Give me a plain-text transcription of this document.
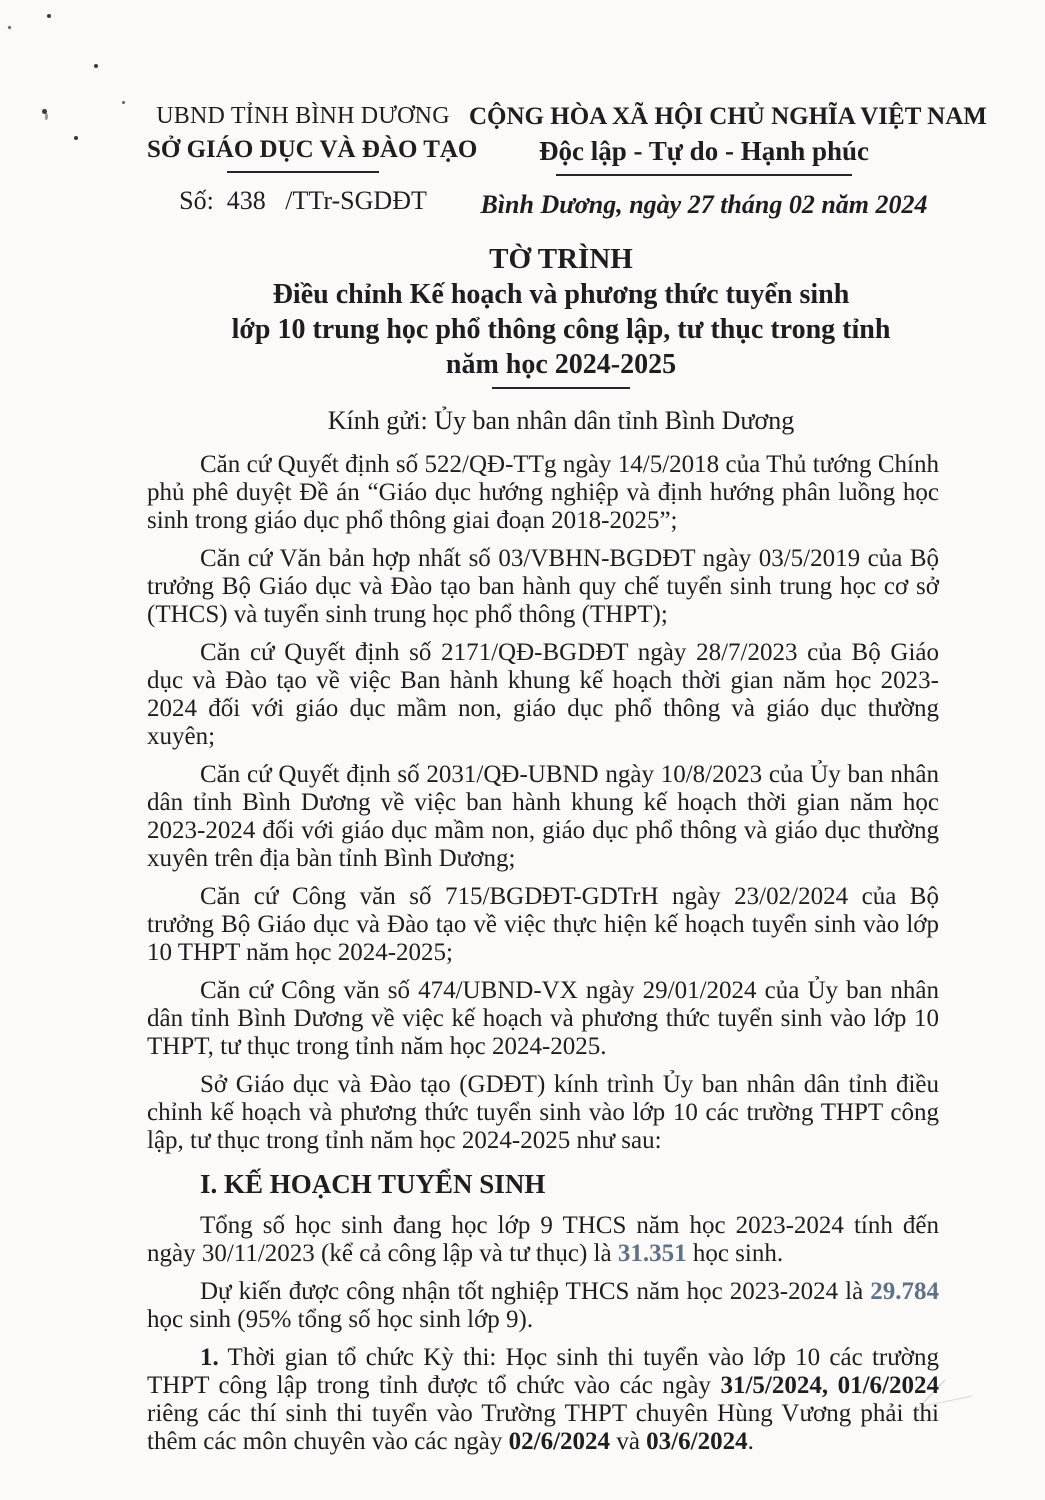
UBND TỈNH BÌNH DƯƠNG
SỞ GIÁO DỤC VÀ ĐÀO TẠO
Số:  438   /TTr-SGDĐT
CỘNG HÒA XÃ HỘI CHỦ NGHĨA VIỆT NAM
Độc lập - Tự do - Hạnh phúc
Bình Dương, ngày 27 tháng 02 năm 2024
TỜ TRÌNH
Điều chỉnh Kế hoạch và phương thức tuyển sinh
lớp 10 trung học phổ thông công lập, tư thục trong tỉnh
năm học 2024-2025
Kính gửi: Ủy ban nhân dân tỉnh Bình Dương

Căn cứ Quyết định số 522/QĐ-TTg ngày 14/5/2018 của Thủ tướng Chính phủ phê duyệt Đề án “Giáo dục hướng nghiệp và định hướng phân luồng học sinh trong giáo dục phổ thông giai đoạn 2018-2025”;

Căn cứ Văn bản hợp nhất số 03/VBHN-BGDĐT ngày 03/5/2019 của Bộ trưởng Bộ Giáo dục và Đào tạo ban hành quy chế tuyển sinh trung học cơ sở (THCS) và tuyển sinh trung học phổ thông (THPT);

Căn cứ Quyết định số 2171/QĐ-BGDĐT ngày 28/7/2023 của Bộ Giáo dục và Đào tạo về việc Ban hành khung kế hoạch thời gian năm học 2023-2024 đối với giáo dục mầm non, giáo dục phổ thông và giáo dục thường xuyên;

Căn cứ Quyết định số 2031/QĐ-UBND ngày 10/8/2023 của Ủy ban nhân dân tỉnh Bình Dương về việc ban hành khung kế hoạch thời gian năm học 2023-2024 đối với giáo dục mầm non, giáo dục phổ thông và giáo dục thường xuyên trên địa bàn tỉnh Bình Dương;

Căn cứ Công văn số 715/BGDĐT-GDTrH ngày 23/02/2024 của Bộ trưởng Bộ Giáo dục và Đào tạo về việc thực hiện kế hoạch tuyển sinh vào lớp 10 THPT năm học 2024-2025;

Căn cứ Công văn số 474/UBND-VX ngày 29/01/2024 của Ủy ban nhân dân tỉnh Bình Dương về việc kế hoạch và phương thức tuyển sinh vào lớp 10 THPT, tư thục trong tỉnh năm học 2024-2025.

Sở Giáo dục và Đào tạo (GDĐT) kính trình Ủy ban nhân dân tỉnh điều chỉnh kế hoạch và phương thức tuyển sinh vào lớp 10 các trường THPT công lập, tư thục trong tỉnh năm học 2024-2025 như sau:

I. KẾ HOẠCH TUYỂN SINH

Tổng số học sinh đang học lớp 9 THCS năm học 2023-2024 tính đến ngày 30/11/2023 (kể cả công lập và tư thục) là 31.351 học sinh.

Dự kiến được công nhận tốt nghiệp THCS năm học 2023-2024 là 29.784 học sinh (95% tổng số học sinh lớp 9).

1. Thời gian tổ chức Kỳ thi: Học sinh thi tuyển vào lớp 10 các trường THPT công lập trong tỉnh được tổ chức vào các ngày 31/5/2024, 01/6/2024 riêng các thí sinh thi tuyển vào Trường THPT chuyên Hùng Vương phải thi thêm các môn chuyên vào các ngày 02/6/2024 và 03/6/2024.
